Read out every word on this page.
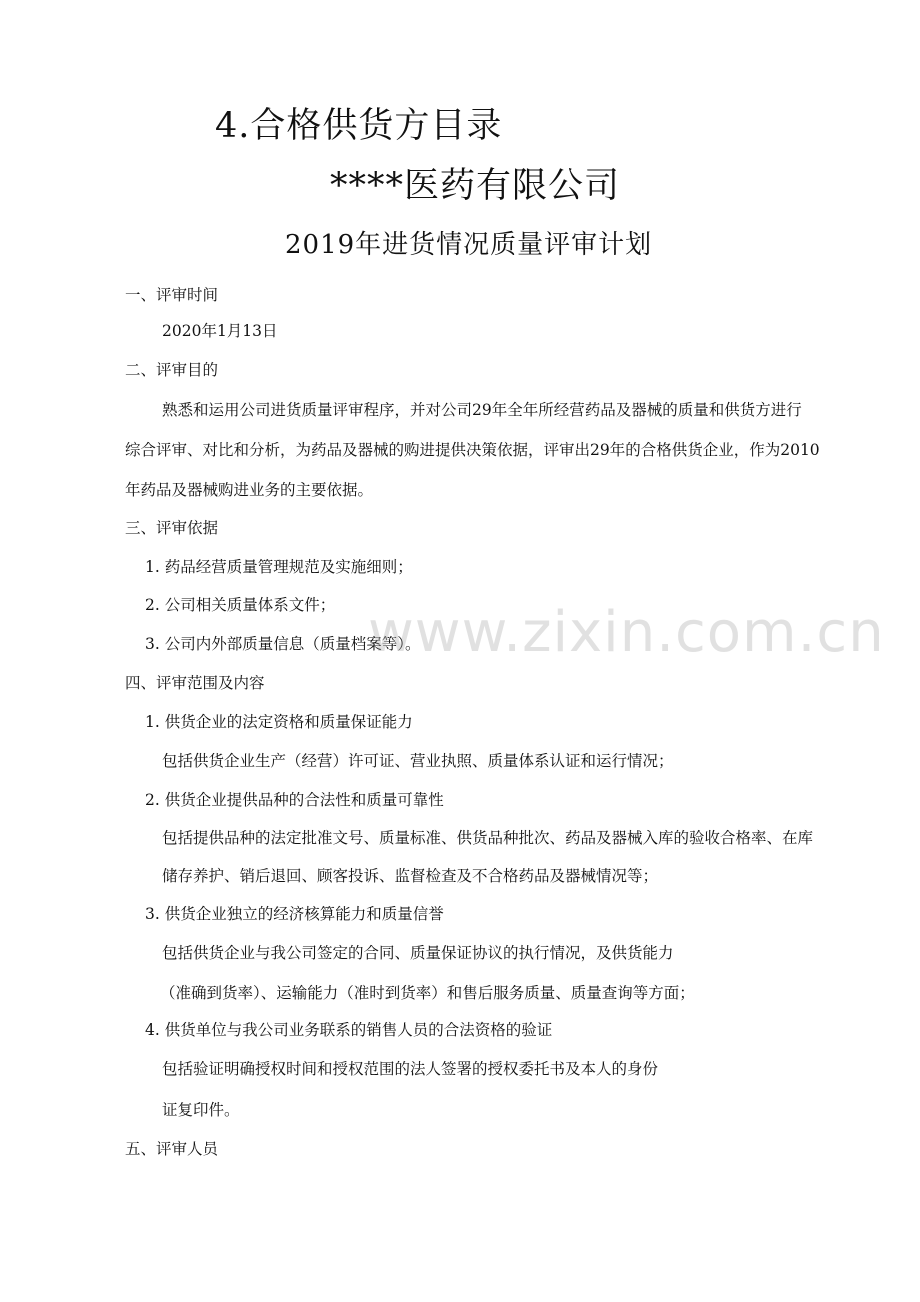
4.合格供货方目录
****医药有限公司
2019年进货情况质量评审计划
一、评审时间
2020年1月13日
二、评审目的
熟悉和运用公司进货质量评审程序，并对公司29年全年所经营药品及器械的质量和供货方进行
综合评审、对比和分析，为药品及器械的购进提供决策依据，评审出29年的合格供货企业，作为2010
年药品及器械购进业务的主要依据。
三、评审依据
1. 药品经营质量管理规范及实施细则；
2. 公司相关质量体系文件；
3. 公司内外部质量信息（质量档案等）。
四、评审范围及内容
1. 供货企业的法定资格和质量保证能力
包括供货企业生产（经营）许可证、营业执照、质量体系认证和运行情况；
2. 供货企业提供品种的合法性和质量可靠性
包括提供品种的法定批准文号、质量标准、供货品种批次、药品及器械入库的验收合格率、在库
储存养护、销后退回、顾客投诉、监督检查及不合格药品及器械情况等；
3. 供货企业独立的经济核算能力和质量信誉
包括供货企业与我公司签定的合同、质量保证协议的执行情况，及供货能力
（准确到货率）、运输能力（准时到货率）和售后服务质量、质量查询等方面；
4. 供货单位与我公司业务联系的销售人员的合法资格的验证
包括验证明确授权时间和授权范围的法人签署的授权委托书及本人的身份
证复印件。
五、评审人员
www.zixin.com.cn
